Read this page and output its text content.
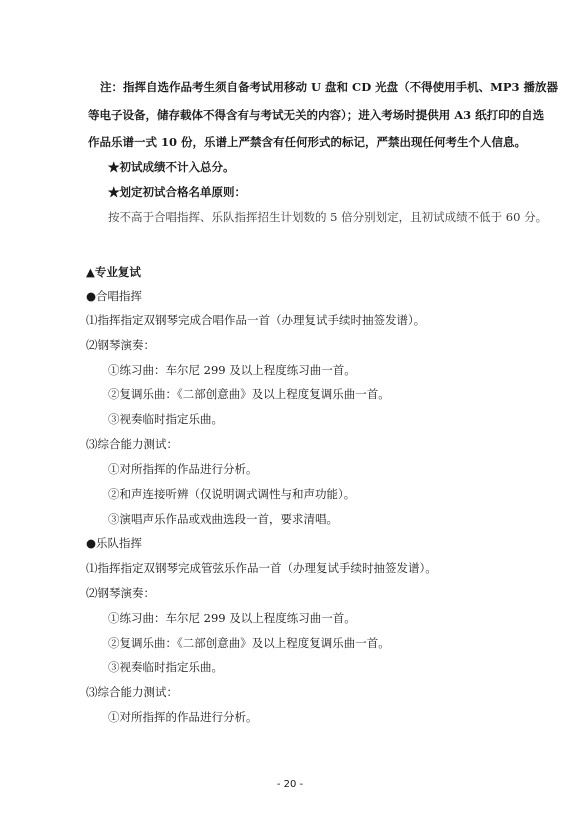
注：指挥自选作品考生须自备考试用移动 U 盘和 CD 光盘（不得使用手机、MP3 播放器
等电子设备，储存载体不得含有与考试无关的内容）；进入考场时提供用 A3 纸打印的自选
作品乐谱一式 10 份，乐谱上严禁含有任何形式的标记，严禁出现任何考生个人信息。
★初试成绩不计入总分。
★划定初试合格名单原则：
按不高于合唱指挥、乐队指挥招生计划数的 5 倍分别划定，且初试成绩不低于 60 分。
▲专业复试
●合唱指挥
⑴指挥指定双钢琴完成合唱作品一首（办理复试手续时抽签发谱）。
⑵钢琴演奏：
①练习曲：车尔尼 299 及以上程度练习曲一首。
②复调乐曲：《二部创意曲》及以上程度复调乐曲一首。
③视奏临时指定乐曲。
⑶综合能力测试：
①对所指挥的作品进行分析。
②和声连接听辨（仅说明调式调性与和声功能）。
③演唱声乐作品或戏曲选段一首，要求清唱。
●乐队指挥
⑴指挥指定双钢琴完成管弦乐作品一首（办理复试手续时抽签发谱）。
⑵钢琴演奏：
①练习曲：车尔尼 299 及以上程度练习曲一首。
②复调乐曲：《二部创意曲》及以上程度复调乐曲一首。
③视奏临时指定乐曲。
⑶综合能力测试：
①对所指挥的作品进行分析。
- 20 -
